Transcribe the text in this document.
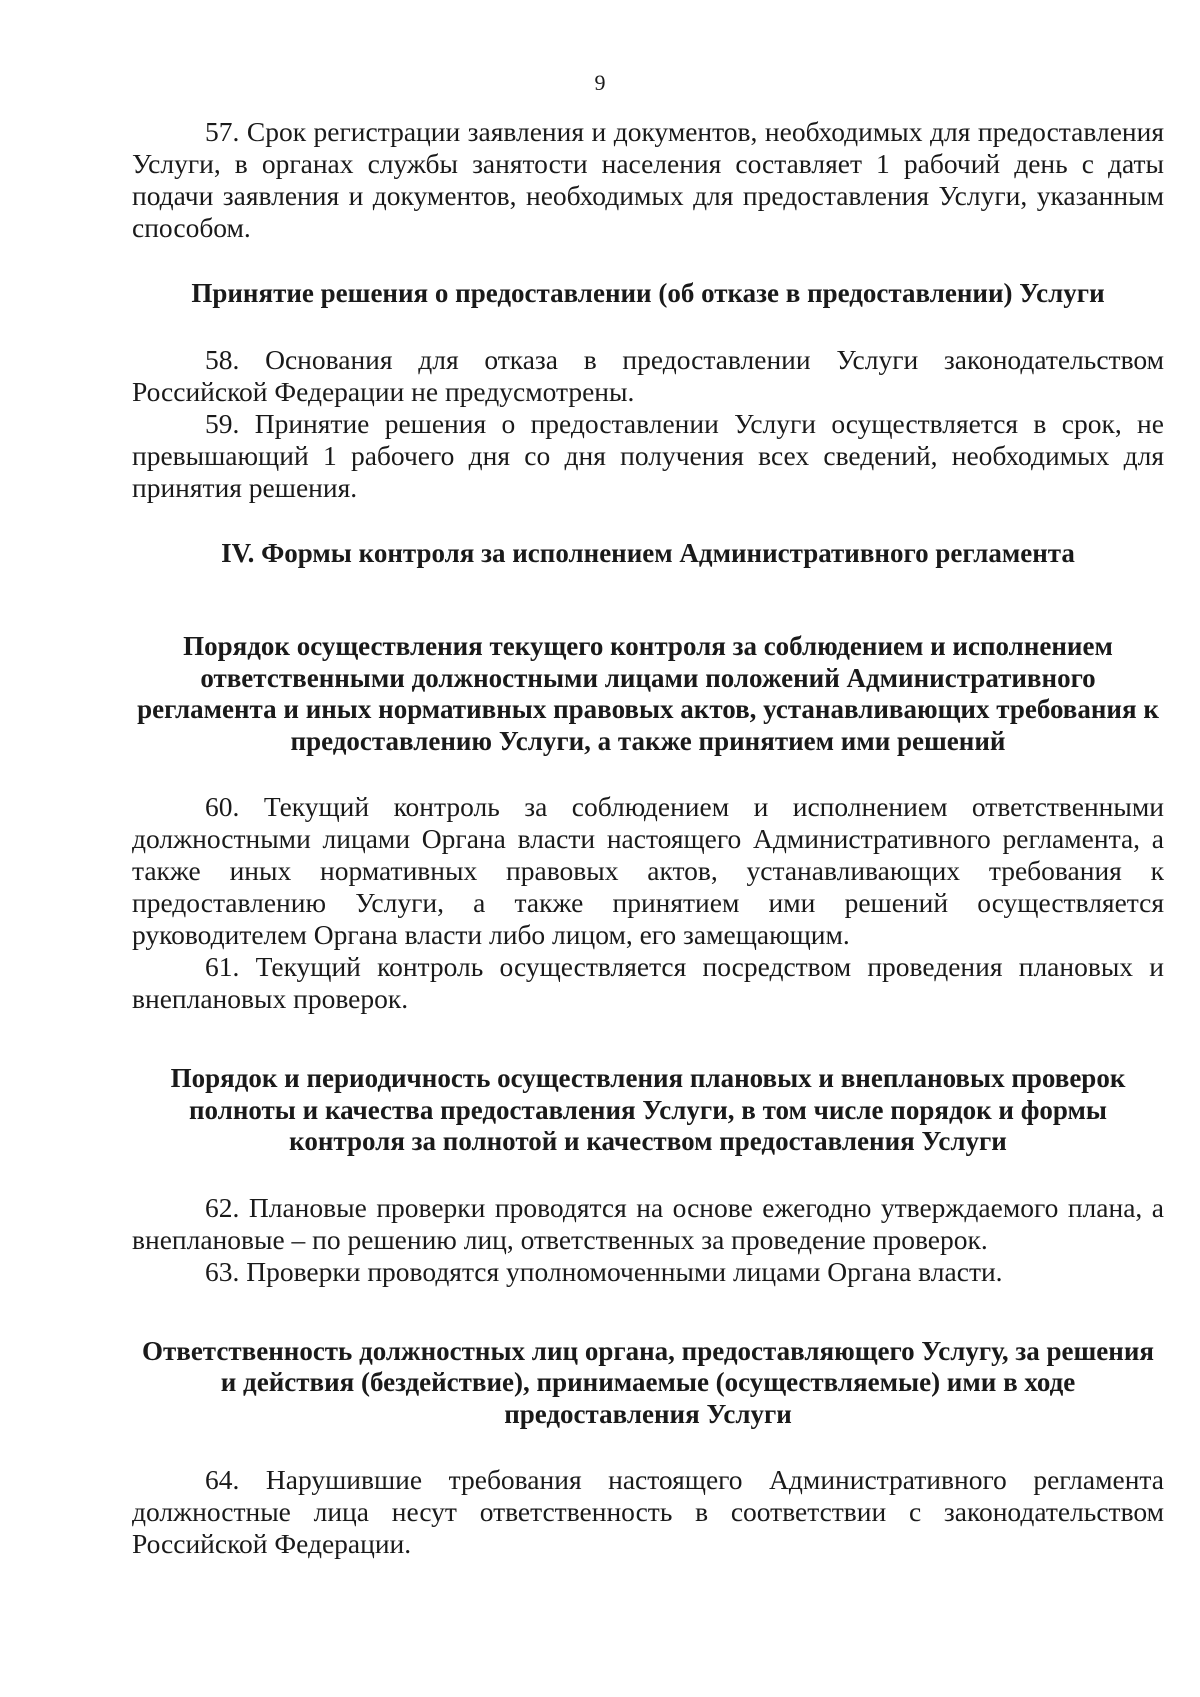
9

57. Срок регистрации заявления и документов, необходимых для предоставления Услуги, в органах службы занятости населения составляет 1 рабочий день с даты подачи заявления и документов, необходимых для предоставления Услуги, указанным способом.

Принятие решения о предоставлении (об отказе в предоставлении) Услуги

58. Основания для отказа в предоставлении Услуги законодательством Российской Федерации не предусмотрены.

59. Принятие решения о предоставлении Услуги осуществляется в срок, не превышающий 1 рабочего дня со дня получения всех сведений, необходимых для принятия решения.

IV. Формы контроля за исполнением Административного регламента
Порядок осуществления текущего контроля за соблюдением и исполнением ответственными должностными лицами положений Административного регламента и иных нормативных правовых актов, устанавливающих требования к предоставлению Услуги, а также принятием ими решений

60. Текущий контроль за соблюдением и исполнением ответственными должностными лицами Органа власти настоящего Административного регламента, а также иных нормативных правовых актов, устанавливающих требования к предоставлению Услуги, а также принятием ими решений осуществляется руководителем Органа власти либо лицом, его замещающим.

61. Текущий контроль осуществляется посредством проведения плановых и внеплановых проверок.

Порядок и периодичность осуществления плановых и внеплановых проверок полноты и качества предоставления Услуги, в том числе порядок и формы контроля за полнотой и качеством предоставления Услуги

62. Плановые проверки проводятся на основе ежегодно утверждаемого плана, а внеплановые – по решению лиц, ответственных за проведение проверок.

63. Проверки проводятся уполномоченными лицами Органа власти.

Ответственность должностных лиц органа, предоставляющего Услугу, за решения и действия (бездействие), принимаемые (осуществляемые) ими в ходе предоставления Услуги

64. Нарушившие требования настоящего Административного регламента должностные лица несут ответственность в соответствии с законодательством Российской Федерации.
